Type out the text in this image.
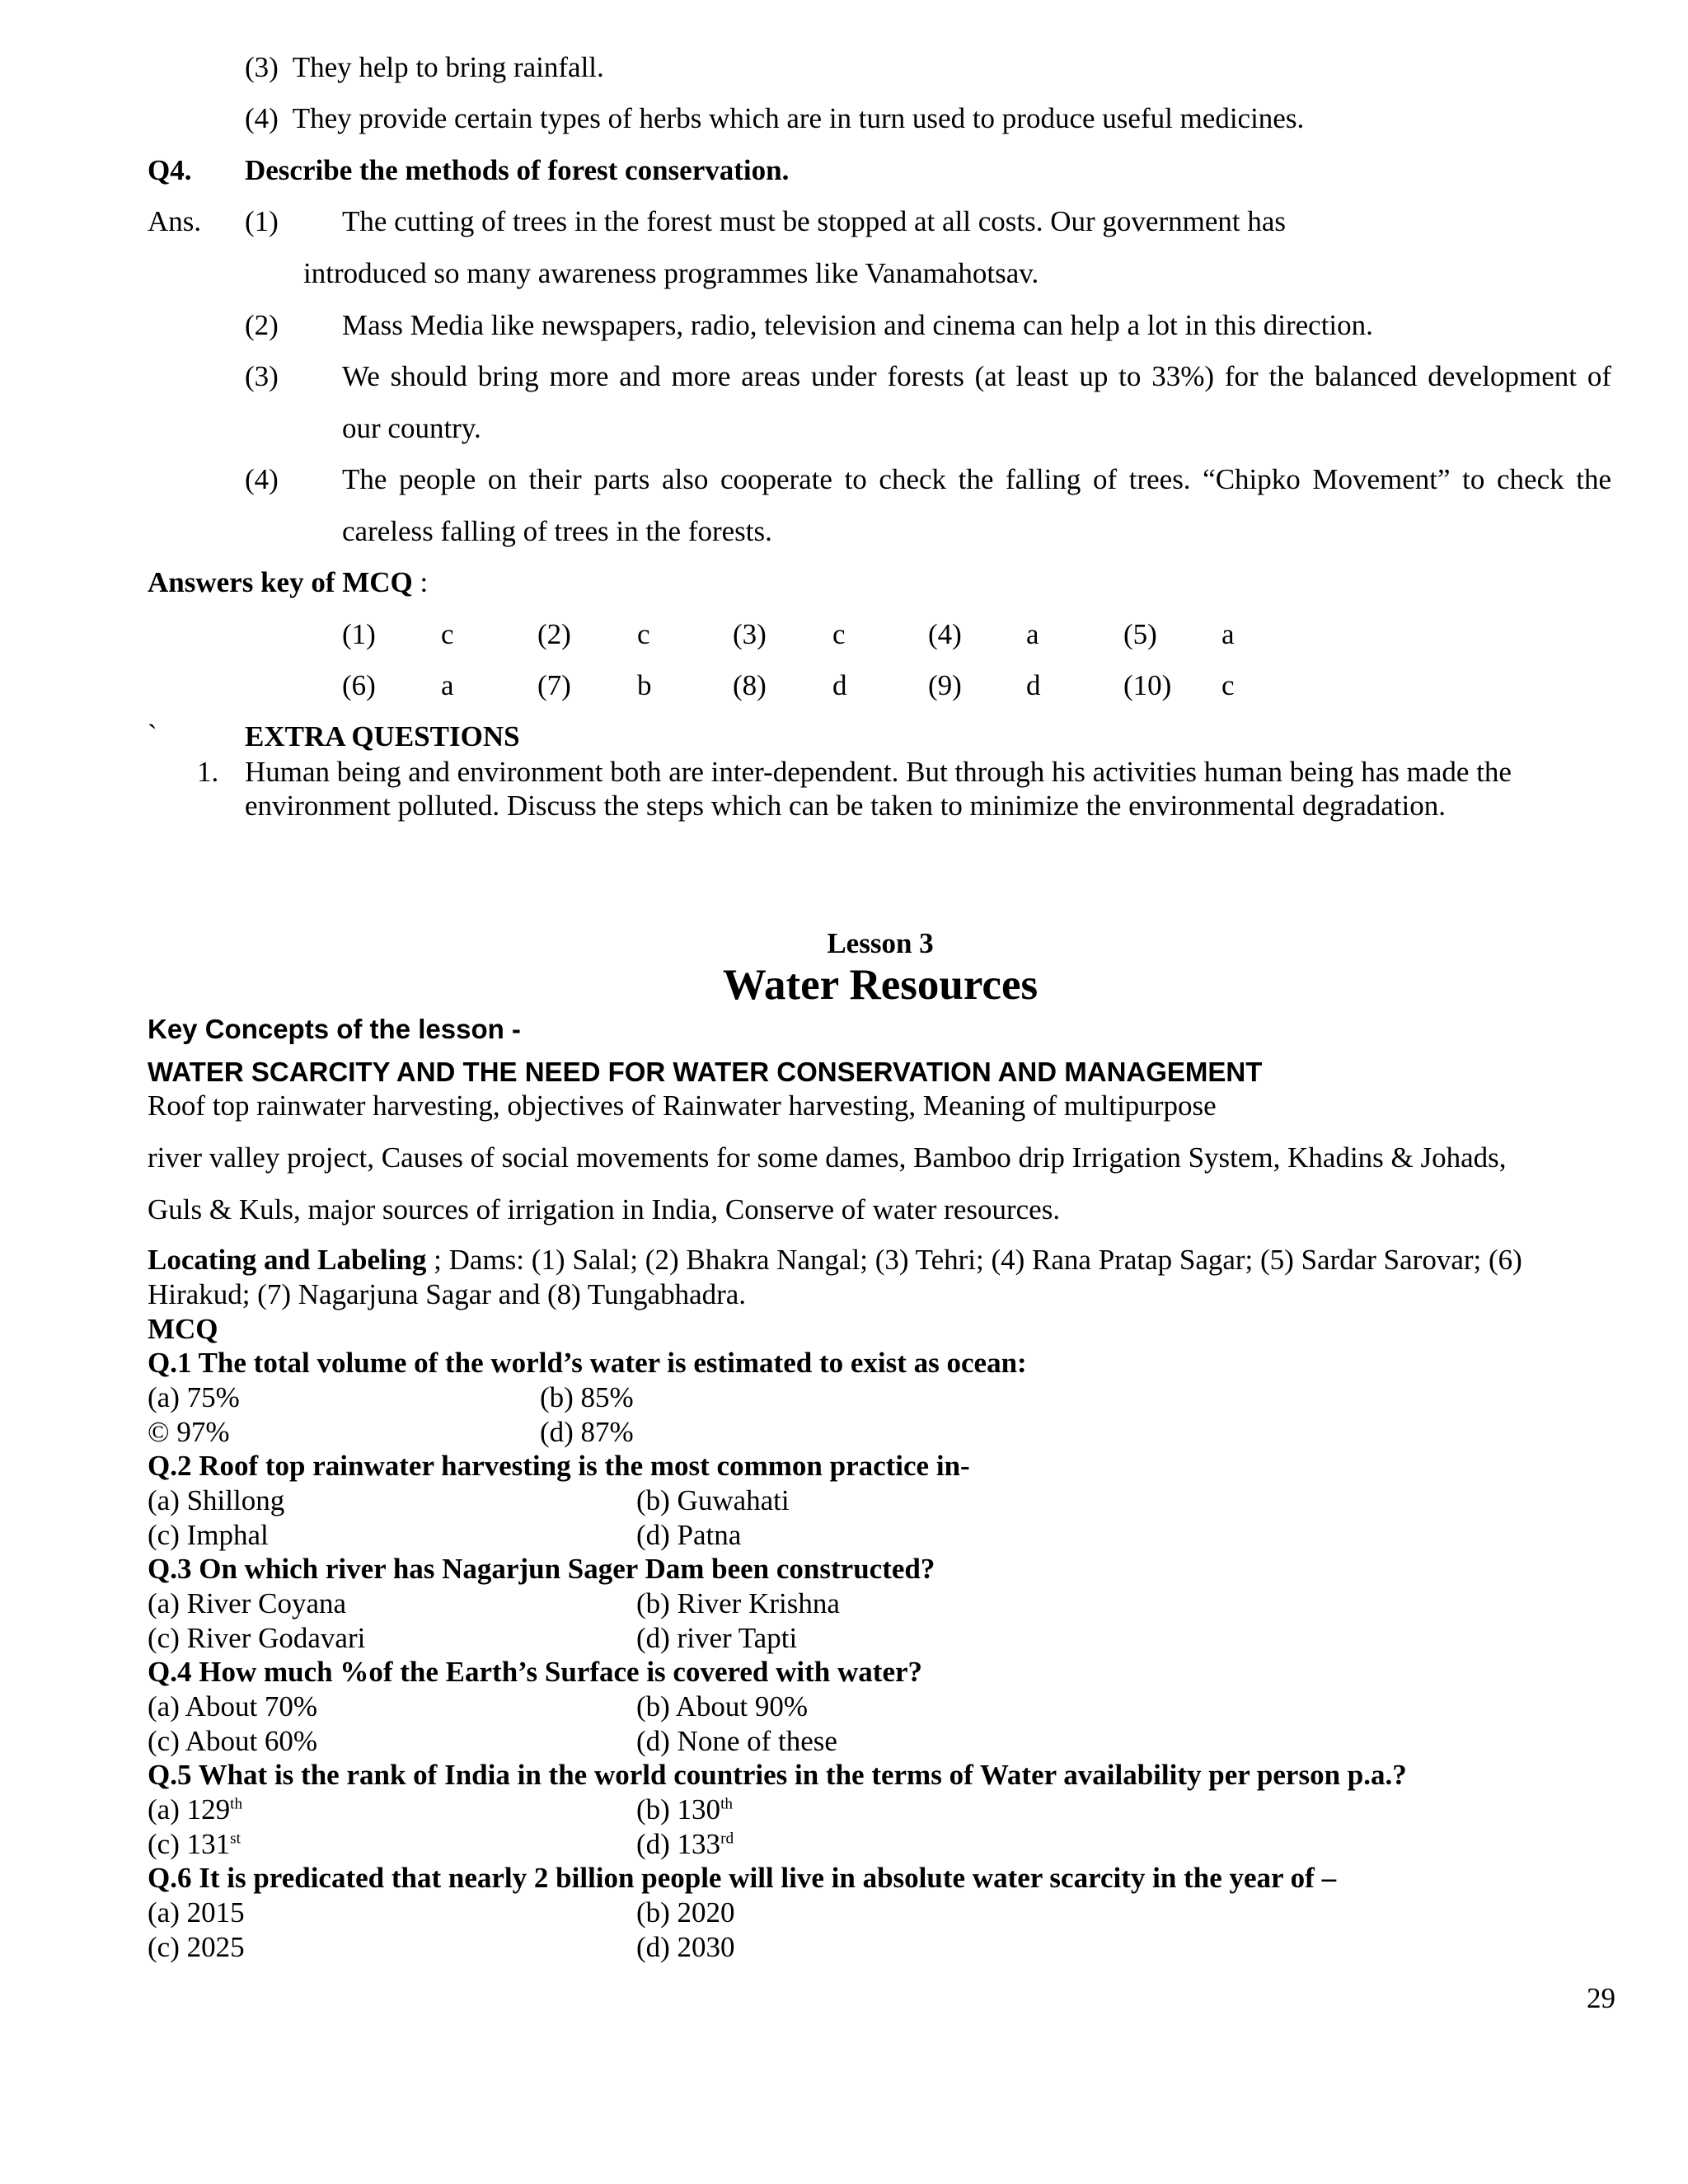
(3) They help to bring rainfall.
(4) They provide certain types of herbs which are in turn used to produce useful medicines.
Q4. Describe the methods of forest conservation.
Ans. (1) The cutting of trees in the forest must be stopped at all costs. Our government has
introduced so many awareness programmes like Vanamahotsav.
(2) Mass Media like newspapers, radio, television and cinema can help a lot in this direction.
(3) We should bring more and more areas under forests (at least up to 33%) for the balanced development of
our country.
(4) The people on their parts also cooperate to check the falling of trees. “Chipko Movement” to check the
careless falling of trees in the forests.
Answers key of MCQ :
(1) c	(2) c	(3) c	(4) a	(5) a
(6) a	(7) b	(8) d	(9) d	(10) c
`	EXTRA QUESTIONS
1. Human being and environment both are inter-dependent. But through his activities human being has made the
environment polluted. Discuss the steps which can be taken to minimize the environmental degradation.
Lesson 3
Water Resources
Key Concepts of the lesson -
WATER SCARCITY AND THE NEED FOR WATER CONSERVATION AND MANAGEMENT
Roof top rainwater harvesting, objectives of Rainwater harvesting, Meaning of multipurpose
river valley project, Causes of social movements for some dames, Bamboo drip Irrigation System, Khadins & Johads,
Guls & Kuls, major sources of irrigation in India, Conserve of water resources.
Locating and Labeling ; Dams: (1) Salal; (2) Bhakra Nangal; (3) Tehri; (4) Rana Pratap Sagar; (5) Sardar Sarovar; (6)
Hirakud; (7) Nagarjuna Sagar and (8) Tungabhadra.
MCQ
Q.1 The total volume of the world’s water is estimated to exist as ocean:
(a) 75%	(b) 85%
© 97%	(d) 87%
Q.2 Roof top rainwater harvesting is the most common practice in-
(a) Shillong	(b) Guwahati
(c) Imphal	(d) Patna
Q.3 On which river has Nagarjun Sager Dam been constructed?
(a) River Coyana	(b) River Krishna
(c) River Godavari	(d) river Tapti
Q.4 How much %of the Earth’s Surface is covered with water?
(a) About 70%	(b) About 90%
(c) About 60%	(d) None of these
Q.5 What is the rank of India in the world countries in the terms of Water availability per person p.a.?
(a) 129th	(b) 130th
(c) 131st	(d) 133rd
Q.6 It is predicated that nearly 2 billion people will live in absolute water scarcity in the year of –
(a) 2015	(b) 2020
(c) 2025	(d) 2030
29
